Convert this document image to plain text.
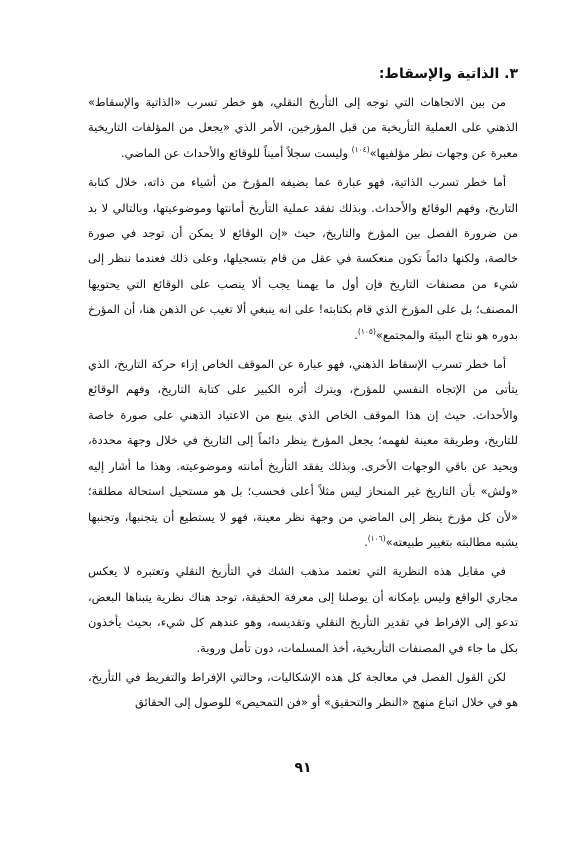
٣. الذاتية والإسقاط:

من بين الاتجاهات التي توجه إلى التأريخ النقلي، هو خطر تسرب «الذاتية والإسقاط» الذهني على العملية التأريخية من قبل المؤرخين، الأمر الذي «يجعل من المؤلفات التاريخية معبرة عن وجهات نظر مؤلفيها»$^{(١٠٤)}$ وليست سجلاً أميناً للوقائع والأحداث عن الماضي.

أما خطر تسرب الذاتية، فهو عبارة عما يضيفه المؤرخ من أشياء من ذاته، خلال كتابة التاريخ، وفهم الوقائع والأحداث. وبذلك تفقد عملية التأريخ أمانتها وموضوعيتها، وبالتالي لا بد من ضرورة الفصل بين المؤرخ والتاريخ، حيث «إن الوقائع لا يمكن أن توجد في صورة خالصة، ولكنها دائماً تكون منعكسة في عقل من قام بتسجيلها، وعلى ذلك فعندما ننظر إلى شيء من مصنفات التاريخ فإن أول ما يهمنا يجب ألا ينصب على الوقائع التي يحتويها المصنف؛ بل على المؤرخ الذي قام بكتابته! على انه ينبغي ألا تغيب عن الذهن هنا، أن المؤرخ بدوره هو نتاج البيئة والمجتمع»$^{(١٠٥)}$.

أما خطر تسرب الإسقاط الذهني، فهو عبارة عن الموقف الخاص إزاء حركة التاريخ، الذي يتأتى من الإتجاه النفسي للمؤرخ، ويترك أثره الكبير على كتابة التاريخ، وفهم الوقائع والأحداث. حيث إن هذا الموقف الخاص الذي ينبع من الاعتياد الذهني على صورة خاصة للتاريخ، وطريقة معينة لفهمه؛ يجعل المؤرخ ينظر دائماً إلى التاريخ في خلال وجهة محددة، ويحيد عن باقي الوجهات الأخرى. وبذلك يفقد التأريخ أمانته وموضوعيته. وهذا ما أشار إليه «ولش» بأن التاريخ غير المنحاز ليس مثلاً أعلى فحسب؛ بل هو مستحيل استحالة مطلقة؛ «لأن كل مؤرخ ينظر إلى الماضي من وجهة نظر معينة، فهو لا يستطيع أن يتجنبها، وتجنبها يشبه مطالبته بتغيير طبيعته»$^{(١٠٦)}$.

في مقابل هذه النظرية التي تعتمد مذهب الشك في التأريخ النقلي وتعتبره لا يعكس مجاري الواقع وليس بإمكانه أن يوصلنا إلى معرفة الحقيقة، توجد هناك نظرية يتبناها البعض، تدعو إلى الإفراط في تقدير التأريخ النقلي وتقديسه، وهو عندهم كل شيء، بحيث يأخذون بكل ما جاء في المصنفات التأريخية، أخذ المسلمات، دون تأمل وروية.

لكن القول الفصل في معالجة كل هذه الإشكاليات، وحالتي الإفراط والتفريط في التأريخ، هو في خلال اتباع منهج «النظر والتحقيق» أو «فن التمحيص» للوصول إلى الحقائق

٩١
